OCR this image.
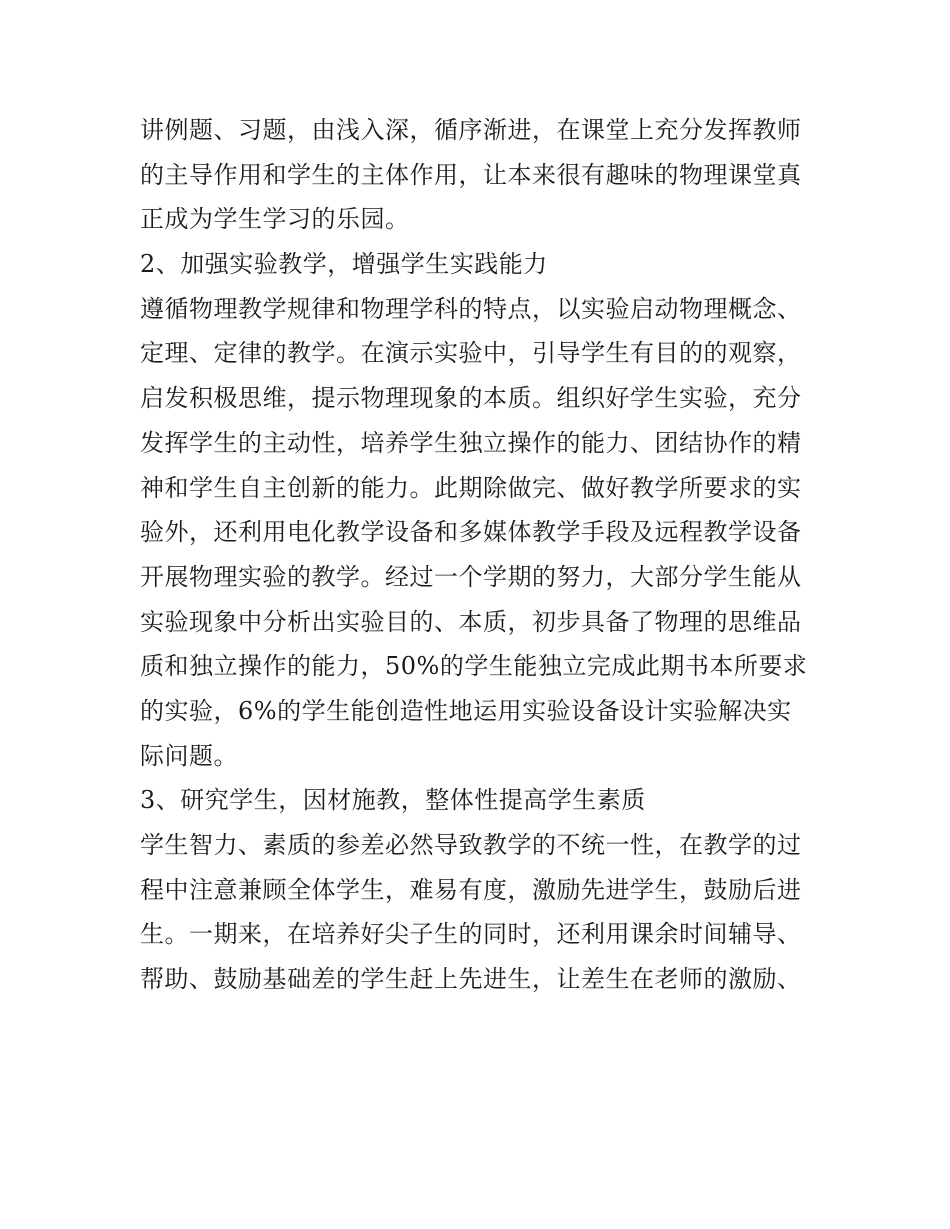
讲例题、习题，由浅入深，循序渐进，在课堂上充分发挥教师
的主导作用和学生的主体作用，让本来很有趣味的物理课堂真
正成为学生学习的乐园。
2、加强实验教学，增强学生实践能力
遵循物理教学规律和物理学科的特点，以实验启动物理概念、
定理、定律的教学。在演示实验中，引导学生有目的的观察，
启发积极思维，提示物理现象的本质。组织好学生实验，充分
发挥学生的主动性，培养学生独立操作的能力、团结协作的精
神和学生自主创新的能力。此期除做完、做好教学所要求的实
验外，还利用电化教学设备和多媒体教学手段及远程教学设备
开展物理实验的教学。经过一个学期的努力，大部分学生能从
实验现象中分析出实验目的、本质，初步具备了物理的思维品
质和独立操作的能力，50%的学生能独立完成此期书本所要求
的实验，6%的学生能创造性地运用实验设备设计实验解决实
际问题。
3、研究学生，因材施教，整体性提高学生素质
学生智力、素质的参差必然导致教学的不统一性，在教学的过
程中注意兼顾全体学生，难易有度，激励先进学生，鼓励后进
生。一期来，在培养好尖子生的同时，还利用课余时间辅导、
帮助、鼓励基础差的学生赶上先进生，让差生在老师的激励、
